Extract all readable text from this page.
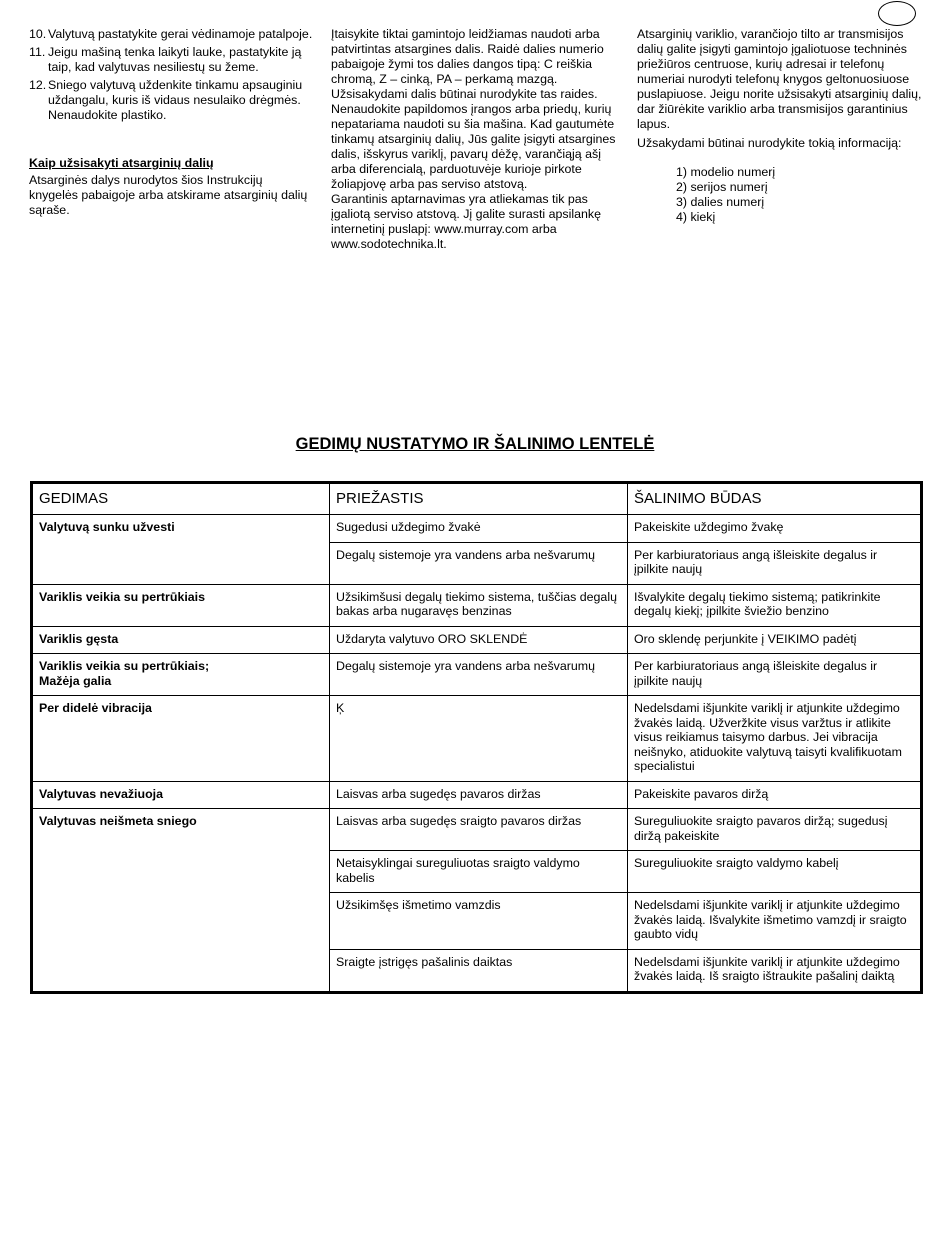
10. Valytuvą pastatykite gerai vėdinamoje patalpoje.
11. Jeigu mašiną tenka laikyti lauke, pastatykite ją taip, kad valytuvas nesiliestų su žeme.
12. Sniego valytuvą uždenkite tinkamu apsauginiu uždangalu, kuris iš vidaus nesulaiko drėgmės. Nenaudokite plastiko.
Kaip užsisakyti atsarginių dalių

Atsarginės dalys nurodytos šios Instrukcijų knygelės pabaigoje arba atskirame atsarginių dalių sąraše.

Įtaisykite tiktai gamintojo leidžiamas naudoti arba patvirtintas atsargines dalis. Raidė dalies numerio pabaigoje žymi tos dalies dangos tipą: C reiškia chromą, Z – cinką, PA – perkamą mazgą. Užsisakydami dalis būtinai nurodykite tas raides. Nenaudokite papildomos įrangos arba priedų, kurių nepatariama naudoti su šia mašina. Kad gautumėte tinkamų atsarginių dalių, Jūs galite įsigyti atsargines dalis, išskyrus variklį, pavarų dėžę, varančiąją ašį arba diferencialą, parduotuvėje kurioje pirkote žoliapjovę arba pas serviso atstovą.

Garantinis aptarnavimas yra atliekamas tik pas įgaliotą serviso atstovą. Jį galite surasti apsilankę internetinį puslapį: www.murray.com arba www.sodotechnika.lt.

Atsarginių variklio, varančiojo tilto ar transmisijos dalių galite įsigyti gamintojo įgaliotuose techninės priežiūros centruose, kurių adresai ir telefonų numeriai nurodyti telefonų knygos geltonuosiuose puslapiuose. Jeigu norite užsisakyti atsarginių dalių, dar žiūrėkite variklio arba transmisijos garantinius lapus.

Užsakydami būtinai nurodykite tokią informaciją:

1) modelio numerį
2) serijos numerį
3) dalies numerį
4) kiekį
GEDIMŲ NUSTATYMO IR ŠALINIMO LENTELĖ
GEDIMAS	PRIEŽASTIS	ŠALINIMO BŪDAS
Valytuvą sunku užvesti	Sugedusi uždegimo žvakė	Pakeiskite uždegimo žvakę
	Degalų sistemoje yra vandens arba nešvarumų	Per karbiuratoriaus angą išleiskite degalus ir įpilkite naujų
Variklis veikia su pertrūkiais	Užsikimšusi degalų tiekimo sistema, tuščias degalų bakas arba nugaravęs benzinas	Išvalykite degalų tiekimo sistemą; patikrinkite degalų kiekį; įpilkite šviežio benzino
Variklis gęsta	Uždaryta valytuvo ORO SKLENDĖ	Oro sklendę perjunkite į VEIKIMO padėtį

Variklis veikia su pertrūkiais;
Mažėja galia	Degalų sistemoje yra vandens arba nešvarumų	Per karbiuratoriaus angą išleiskite degalus ir įpilkite naujų
Per didelė vibracija	Ķ	Nedelsdami išjunkite variklį ir atjunkite uždegimo žvakės laidą. Užveržkite visus varžtus ir atlikite visus reikiamus taisymo darbus. Jei vibracija neišnyko, atiduokite valytuvą taisyti kvalifikuotam specialistui
Valytuvas nevažiuoja	Laisvas arba sugedęs pavaros diržas	Pakeiskite pavaros diržą
Valytuvas neišmeta sniego	Laisvas arba sugedęs sraigto pavaros diržas	Sureguliuokite sraigto pavaros diržą; sugedusį diržą pakeiskite
	Netaisyklingai sureguliuotas sraigto valdymo kabelis	Sureguliuokite sraigto valdymo kabelį
	Užsikimšęs išmetimo vamzdis	Nedelsdami išjunkite variklį ir atjunkite uždegimo žvakės laidą. Išvalykite išmetimo vamzdį ir sraigto gaubto vidų
	Sraigte įstrigęs pašalinis daiktas	Nedelsdami išjunkite variklį ir atjunkite uždegimo žvakės laidą. Iš sraigto ištraukite pašalinį daiktą
